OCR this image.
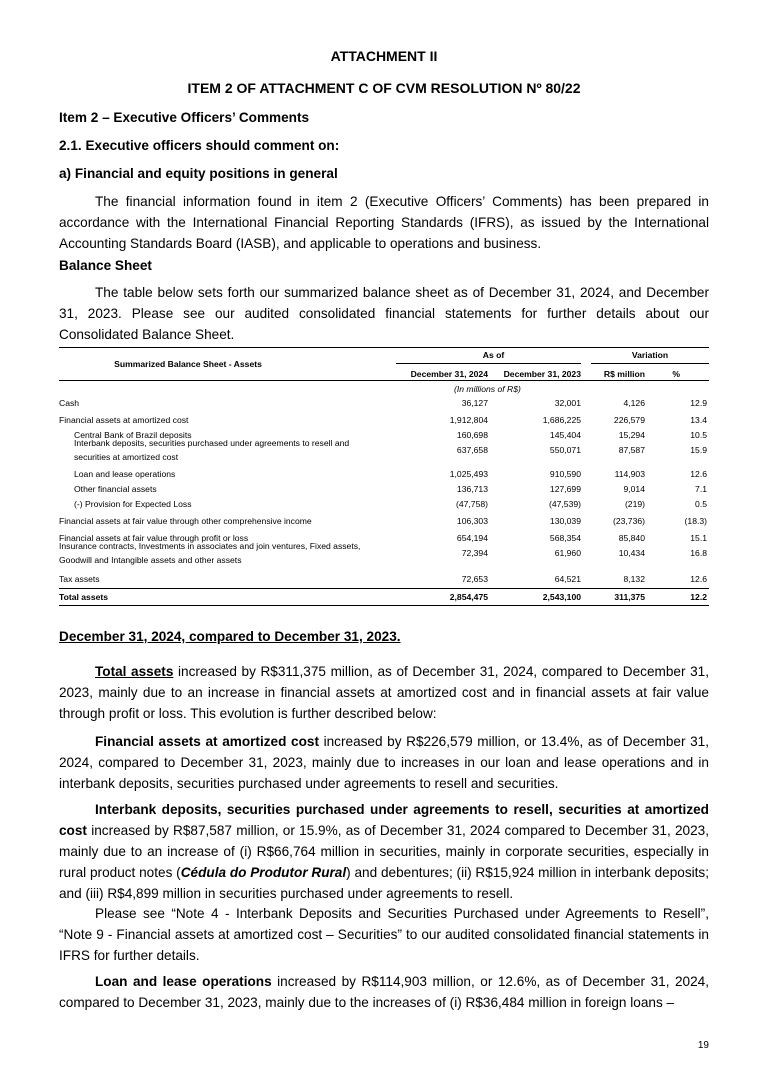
ATTACHMENT II
ITEM 2 OF ATTACHMENT C OF CVM RESOLUTION Nº 80/22
Item 2 – Executive Officers’ Comments
2.1. Executive officers should comment on:
a) Financial and equity positions in general
The financial information found in item 2 (Executive Officers’ Comments) has been prepared in accordance with the International Financial Reporting Standards (IFRS), as issued by the International Accounting Standards Board (IASB), and applicable to operations and business.
Balance Sheet
The table below sets forth our summarized balance sheet as of December 31, 2024, and December 31, 2023. Please see our audited consolidated financial statements for further details about our Consolidated Balance Sheet.
Summarized Balance Sheet - Assets
As of	Variation
December 31, 2024	December 31, 2023	R$ million	%
(In millions of R$)
Cash	36,127	32,001	4,126	12.9
Financial assets at amortized cost	1,912,804	1,686,225	226,579	13.4
Central Bank of Brazil deposits	160,698	145,404	15,294	10.5
Interbank deposits, securities purchased under agreements to resell and
securities at amortized cost
637,658	550,071	87,587	15.9
Loan and lease operations	1,025,493	910,590	114,903	12.6
Other financial assets	136,713	127,699	9,014	7.1
(-) Provision for Expected Loss	(47,758)	(47,539)	(219)	0.5
Financial assets at fair value through other comprehensive income	106,303	130,039	(23,736)	(18.3)
Financial assets at fair value through profit or loss	654,194	568,354	85,840	15.1
Insurance contracts, Investments in associates and join ventures, Fixed assets,
Goodwill and Intangible assets and other assets
72,394	61,960	10,434	16.8
Tax assets	72,653	64,521	8,132	12.6
Total assets	2,854,475	2,543,100	311,375	12.2
December 31, 2024, compared to December 31, 2023.
Total assets increased by R$311,375 million, as of December 31, 2024, compared to December 31, 2023, mainly due to an increase in financial assets at amortized cost and in financial assets at fair value through profit or loss. This evolution is further described below:
Financial assets at amortized cost increased by R$226,579 million, or 13.4%, as of December 31, 2024, compared to December 31, 2023, mainly due to increases in our loan and lease operations and in interbank deposits, securities purchased under agreements to resell and securities.
Interbank deposits, securities purchased under agreements to resell, securities at amortized cost increased by R$87,587 million, or 15.9%, as of December 31, 2024 compared to December 31, 2023, mainly due to an increase of (i) R$66,764 million in securities, mainly in corporate securities, especially in rural product notes (Cédula do Produtor Rural) and debentures; (ii) R$15,924 million in interbank deposits; and (iii) R$4,899 million in securities purchased under agreements to resell.
Please see “Note 4 - Interbank Deposits and Securities Purchased under Agreements to Resell”, “Note 9 - Financial assets at amortized cost – Securities” to our audited consolidated financial statements in IFRS for further details.
Loan and lease operations increased by R$114,903 million, or 12.6%, as of December 31, 2024, compared to December 31, 2023, mainly due to the increases of (i) R$36,484 million in foreign loans –
19
